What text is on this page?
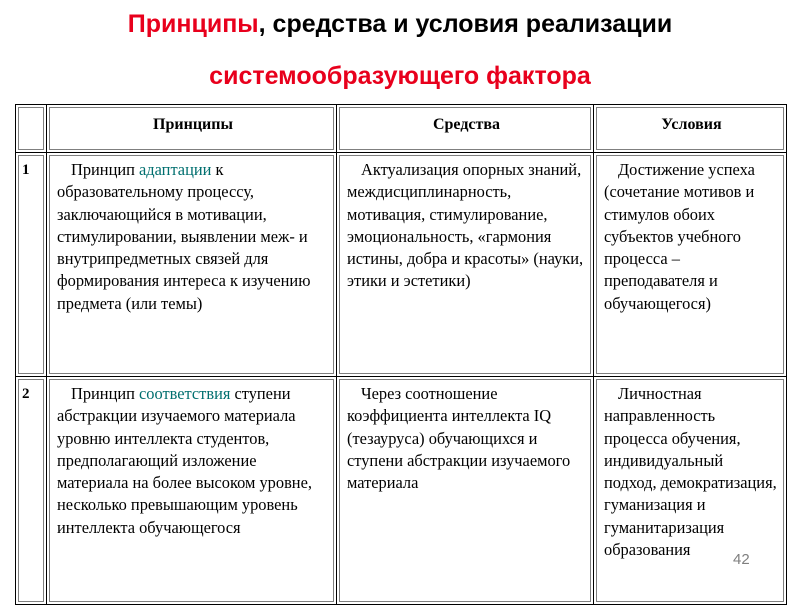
Принципы, средства и условия реализации
системообразующего фактора

	Принципы	Средства	Условия

1	Принцип адаптации к образовательному процессу, заключающийся в мотивации, стимулировании, выявлении меж- и внутрипредметных связей для формирования интереса к изучению предмета (или темы)	Актуализация опорных знаний, междисциплинарность, мотивация, стимулирование, эмоциональность, «гармония истины, добра и красоты» (науки, этики и эстетики)	Достижение успеха (сочетание мотивов и стимулов обоих субъектов учебного процесса – преподавателя и обучающегося)

2	Принцип соответствия ступени абстракции изучаемого материала уровню интеллекта студентов, предполагающий изложение материала на более высоком уровне, несколько превышающим уровень интеллекта обучающегося	Через соотношение коэффициента интеллекта IQ (тезауруса) обучающихся и ступени абстракции изучаемого материала	Личностная направленность процесса обучения, индивидуальный подход, демократизация, гуманизация и гуманитаризация образования
42
